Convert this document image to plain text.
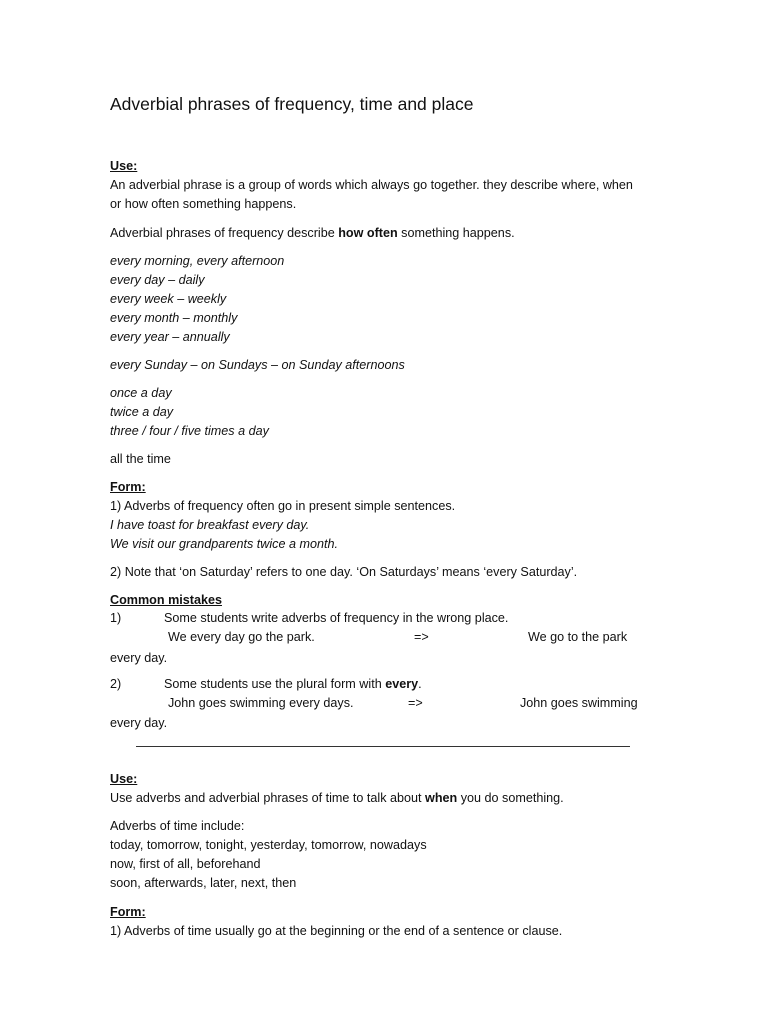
Adverbial phrases of frequency, time and place
Use:
An adverbial phrase is a group of words which always go together. they describe where, when
or how often something happens.
Adverbial phrases of frequency describe how often something happens.
every morning, every afternoon
every day – daily
every week – weekly
every month – monthly
every year – annually
every Sunday – on Sundays – on Sunday afternoons
once a day
twice a day
three / four / five times a day
all the time
Form:
1) Adverbs of frequency often go in present simple sentences.
I have toast for breakfast every day.
We visit our grandparents twice a month.
2) Note that ‘on Saturday’ refers to one day. ‘On Saturdays’ means ‘every Saturday’.
Common mistakes
1)	Some students write adverbs of frequency in the wrong place.
We every day go the park.	=>	We go to the park
every day.
2)	Some students use the plural form with every.
John goes swimming every days.	=>	John goes swimming
every day.
Use:
Use adverbs and adverbial phrases of time to talk about when you do something.
Adverbs of time include:
today, tomorrow, tonight, yesterday, tomorrow, nowadays
now, first of all, beforehand
soon, afterwards, later, next, then
Form:
1) Adverbs of time usually go at the beginning or the end of a sentence or clause.
